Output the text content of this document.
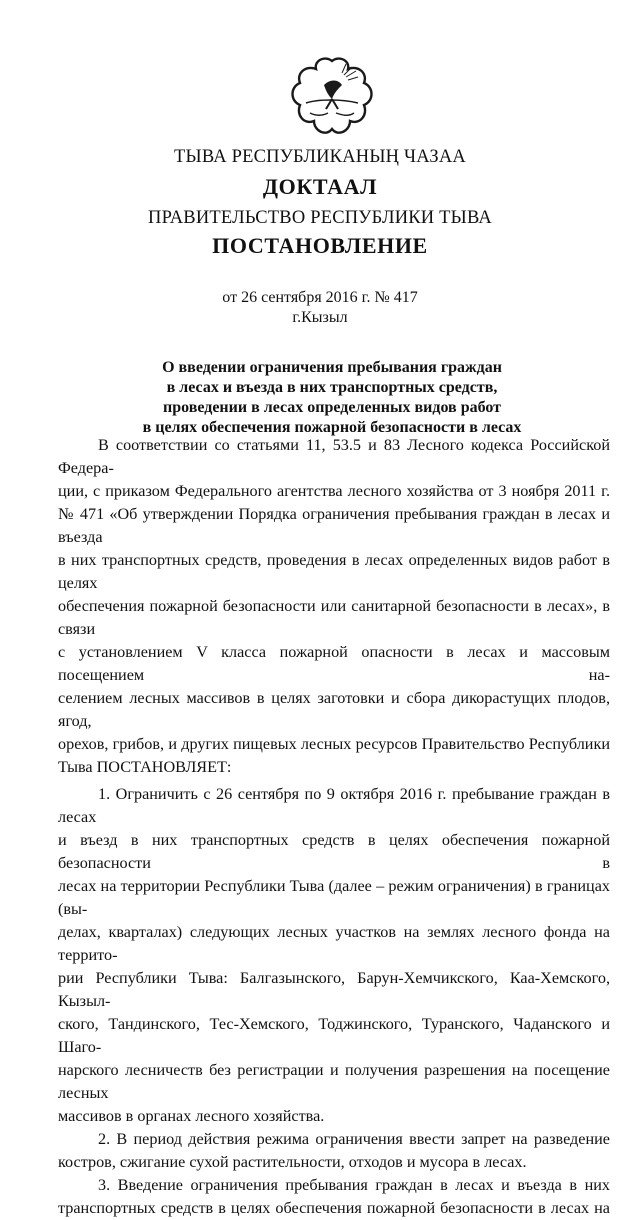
ТЫВА РЕСПУБЛИКАНЫҢ ЧАЗАА
ДОКТААЛ
ПРАВИТЕЛЬСТВО РЕСПУБЛИКИ ТЫВА
ПОСТАНОВЛЕНИЕ
от 26 сентября 2016 г. № 417
г.Кызыл
О введении ограничения пребывания граждан
в лесах и въезда в них транспортных средств,
проведении в лесах определенных видов работ
в целях обеспечения пожарной безопасности в лесах

В соответствии со статьями 11, 53.5 и 83 Лесного кодекса Российской Федера-

ции, с приказом Федерального агентства лесного хозяйства от 3 ноября 2011 г.

№ 471 «Об утверждении Порядка ограничения пребывания граждан в лесах и въезда

в них транспортных средств, проведения в лесах определенных видов работ в целях

обеспечения пожарной безопасности или санитарной безопасности в лесах», в связи

с установлением V класса пожарной опасности в лесах и массовым посещением на-

селением лесных массивов в целях заготовки и сбора дикорастущих плодов, ягод,

орехов, грибов, и других пищевых лесных ресурсов Правительство Республики

Тыва ПОСТАНОВЛЯЕТ:

1. Ограничить с 26 сентября по 9 октября 2016 г. пребывание граждан в лесах

и въезд в них транспортных средств в целях обеспечения пожарной безопасности в

лесах на территории Республики Тыва (далее – режим ограничения) в границах (вы-

делах, кварталах) следующих лесных участков на землях лесного фонда на террито-

рии Республики Тыва: Балгазынского, Барун-Хемчикского, Каа-Хемского, Кызыл-

ского, Тандинского, Тес-Хемского, Тоджинского, Туранского, Чаданского и Шаго-

нарского лесничеств без регистрации и получения разрешения на посещение лесных

массивов в органах лесного хозяйства.

2. В период действия режима ограничения ввести запрет на разведение

костров, сжигание сухой растительности, отходов и мусора в лесах.

3. Введение ограничения пребывания граждан в лесах и въезда в них

транспортных средств в целях обеспечения пожарной безопасности в лесах на
